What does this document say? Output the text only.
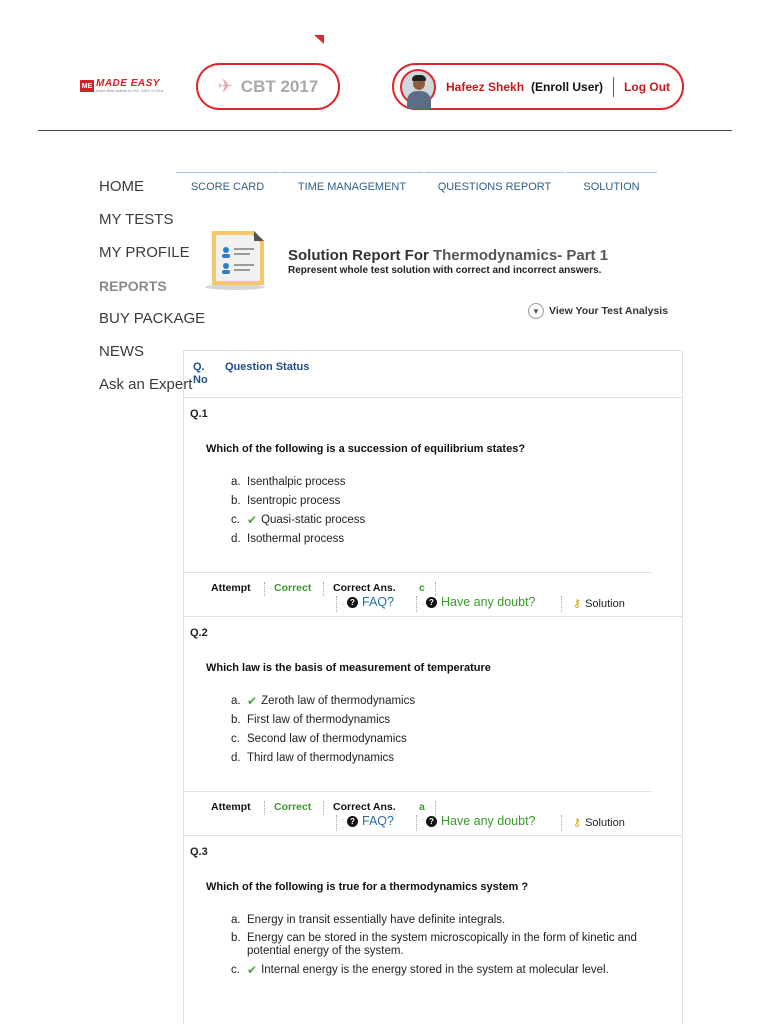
ME MADE EASY
India's Best Institute for IES, GATE & PSUs	✈ CBT 2017	Hafeez Shekh (Enroll User) Log Out
HOME
MY TESTS
MY PROFILE
REPORTS
BUY PACKAGE
NEWS
Ask an Expert
SCORE CARD	TIME MANAGEMENT	QUESTIONS REPORT	SOLUTION
Solution Report For Thermodynamics- Part 1
Represent whole test solution with correct and incorrect answers.
▼ View Your Test Analysis
Q. No
Question Status
Q.1
Which of the following is a succession of equilibrium states?
a. Isenthalpic process
b. Isentropic process
c. ✔ Quasi-static process
d. Isothermal process
Attempt Correct Correct Ans. c
? FAQ?	? Have any doubt?	⚷ Solution
Q.2
Which law is the basis of measurement of temperature
a. ✔ Zeroth law of thermodynamics
b. First law of thermodynamics
c. Second law of thermodynamics
d. Third law of thermodynamics
Attempt Correct Correct Ans. a
? FAQ?	? Have any doubt?	⚷ Solution
Q.3
Which of the following is true for a thermodynamics system ?
a. Energy in transit essentially have definite integrals.
b. Energy can be stored in the system microscopically in the form of kinetic and potential energy of the system.
c. ✔ Internal energy is the energy stored in the system at molecular level.
